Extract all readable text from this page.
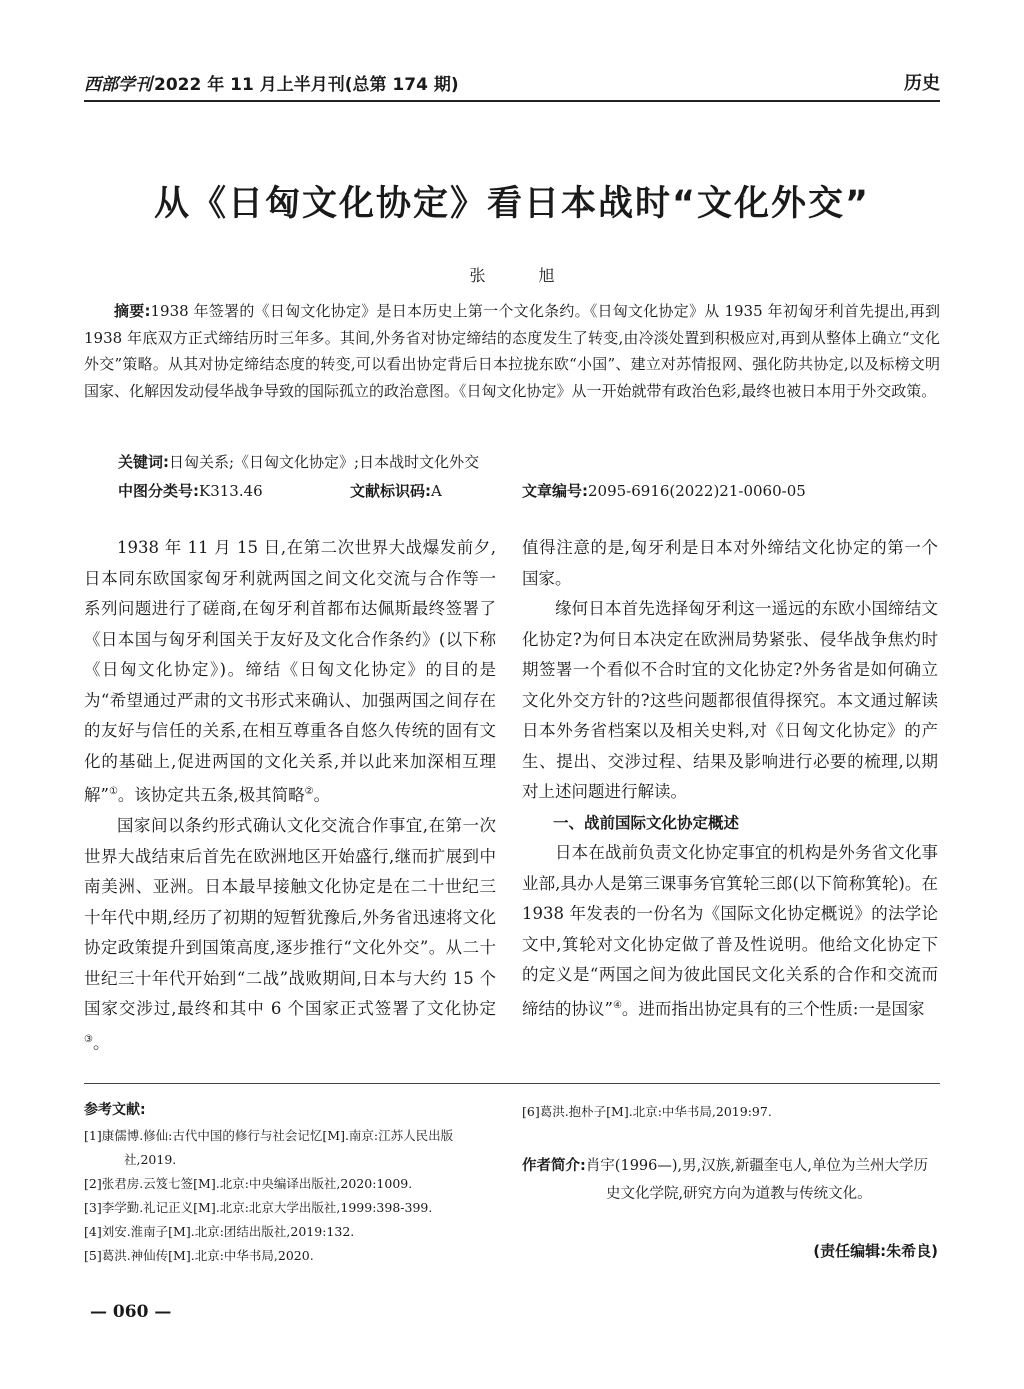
西部学刊 2022 年 11 月上半月刊(总第 174 期)	历史
从《日匈文化协定》看日本战时“文化外交”
张 旭
摘要:1938 年签署的《日匈文化协定》是日本历史上第一个文化条约。《日匈文化协定》从 1935 年初匈牙利首先提出,再到 1938 年底双方正式缔结历时三年多。其间,外务省对协定缔结的态度发生了转变,由冷淡处置到积极应对,再到从整体上确立“文化外交”策略。从其对协定缔结态度的转变,可以看出协定背后日本拉拢东欧“小国”、建立对苏情报网、强化防共协定,以及标榜文明国家、化解因发动侵华战争导致的国际孤立的政治意图。《日匈文化协定》从一开始就带有政治色彩,最终也被日本用于外交政策。
关键词:日匈关系;《日匈文化协定》;日本战时文化外交
中图分类号:K313.46	文献标识码:A	文章编号:2095-6916(2022)21-0060-05

1938 年 11 月 15 日,在第二次世界大战爆发前夕,日本同东欧国家匈牙利就两国之间文化交流与合作等一系列问题进行了磋商,在匈牙利首都布达佩斯最终签署了《日本国与匈牙利国关于友好及文化合作条约》(以下称《日匈文化协定》)。缔结《日匈文化协定》的目的是为“希望通过严肃的文书形式来确认、加强两国之间存在的友好与信任的关系,在相互尊重各自悠久传统的固有文化的基础上,促进两国的文化关系,并以此来加深相互理解”①。该协定共五条,极其简略②。

国家间以条约形式确认文化交流合作事宜,在第一次世界大战结束后首先在欧洲地区开始盛行,继而扩展到中南美洲、亚洲。日本最早接触文化协定是在二十世纪三十年代中期,经历了初期的短暂犹豫后,外务省迅速将文化协定政策提升到国策高度,逐步推行“文化外交”。从二十世纪三十年代开始到“二战”战败期间,日本与大约 15 个国家交涉过,最终和其中 6 个国家正式签署了文化协定③。

值得注意的是,匈牙利是日本对外缔结文化协定的第一个国家。

缘何日本首先选择匈牙利这一遥远的东欧小国缔结文化协定?为何日本决定在欧洲局势紧张、侵华战争焦灼时期签署一个看似不合时宜的文化协定?外务省是如何确立文化外交方针的?这些问题都很值得探究。本文通过解读日本外务省档案以及相关史料,对《日匈文化协定》的产生、提出、交涉过程、结果及影响进行必要的梳理,以期对上述问题进行解读。

一、战前国际文化协定概述

日本在战前负责文化协定事宜的机构是外务省文化事业部,具办人是第三课事务官箕轮三郎(以下简称箕轮)。在 1938 年发表的一份名为《国际文化协定概说》的法学论文中,箕轮对文化协定做了普及性说明。他给文化协定下的定义是“两国之间为彼此国民文化关系的合作和交流而缔结的协议”④。进而指出协定具有的三个性质:一是国家

参考文献:
[1]康儒博.修仙:古代中国的修行与社会记忆[M].南京:江苏人民出版社,2019.
[2]张君房.云笈七签[M].北京:中央编译出版社,2020:1009.
[3]李学勤.礼记正义[M].北京:北京大学出版社,1999:398-399.
[4]刘安.淮南子[M].北京:团结出版社,2019:132.
[5]葛洪.神仙传[M].北京:中华书局,2020.
[6]葛洪.抱朴子[M].北京:中华书局,2019:97.
作者简介:肖宇(1996—),男,汉族,新疆奎屯人,单位为兰州大学历史文化学院,研究方向为道教与传统文化。
(责任编辑:朱希良)
— 060 —
